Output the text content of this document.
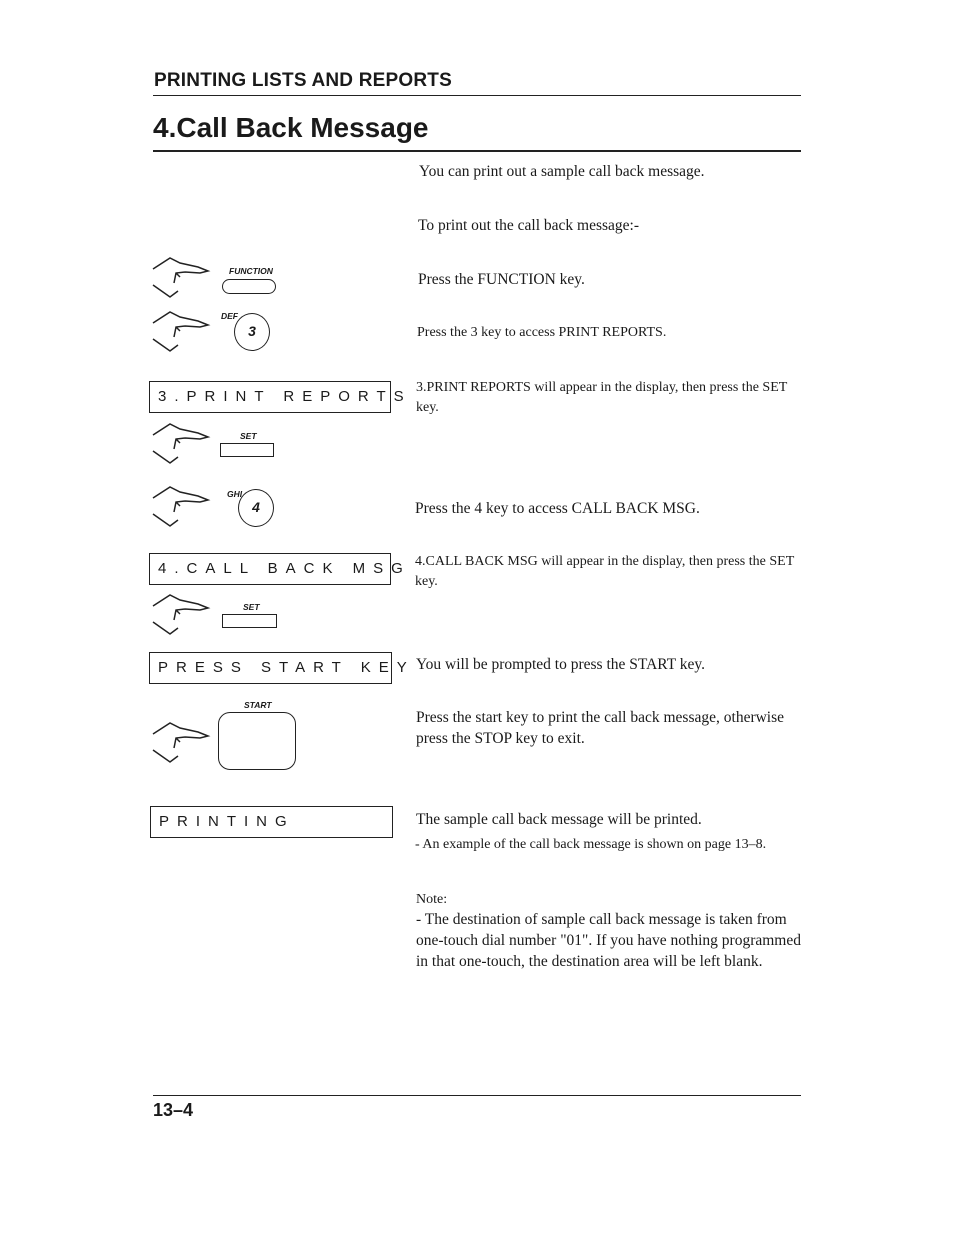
PRINTING LISTS AND REPORTS
4.Call Back Message
You can print out a sample call back message.
To print out the call back message:-
FUNCTION	Press the FUNCTION key.
DEF
3	Press the 3 key to access PRINT REPORTS.
3.PRINT REPORTS
3.PRINT REPORTS will appear in the display, then press the SET key.
SET
GHI
4	Press the 4 key to access CALL BACK MSG.
4.CALL BACK MSG 4.CALL BACK MSG will appear in the display, then press the SET key.
SET
PRESS START KEY You will be prompted to press the START key.
START
Press the start key to print the call back message, otherwise press the STOP key to exit.
PRINTING	The sample call back message will be printed.
- An example of the call back message is shown on page 13–8.
Note:
- The destination of sample call back message is taken from one-touch dial number "01". If you have nothing programmed in that one-touch, the destination area will be left blank.
13–4
